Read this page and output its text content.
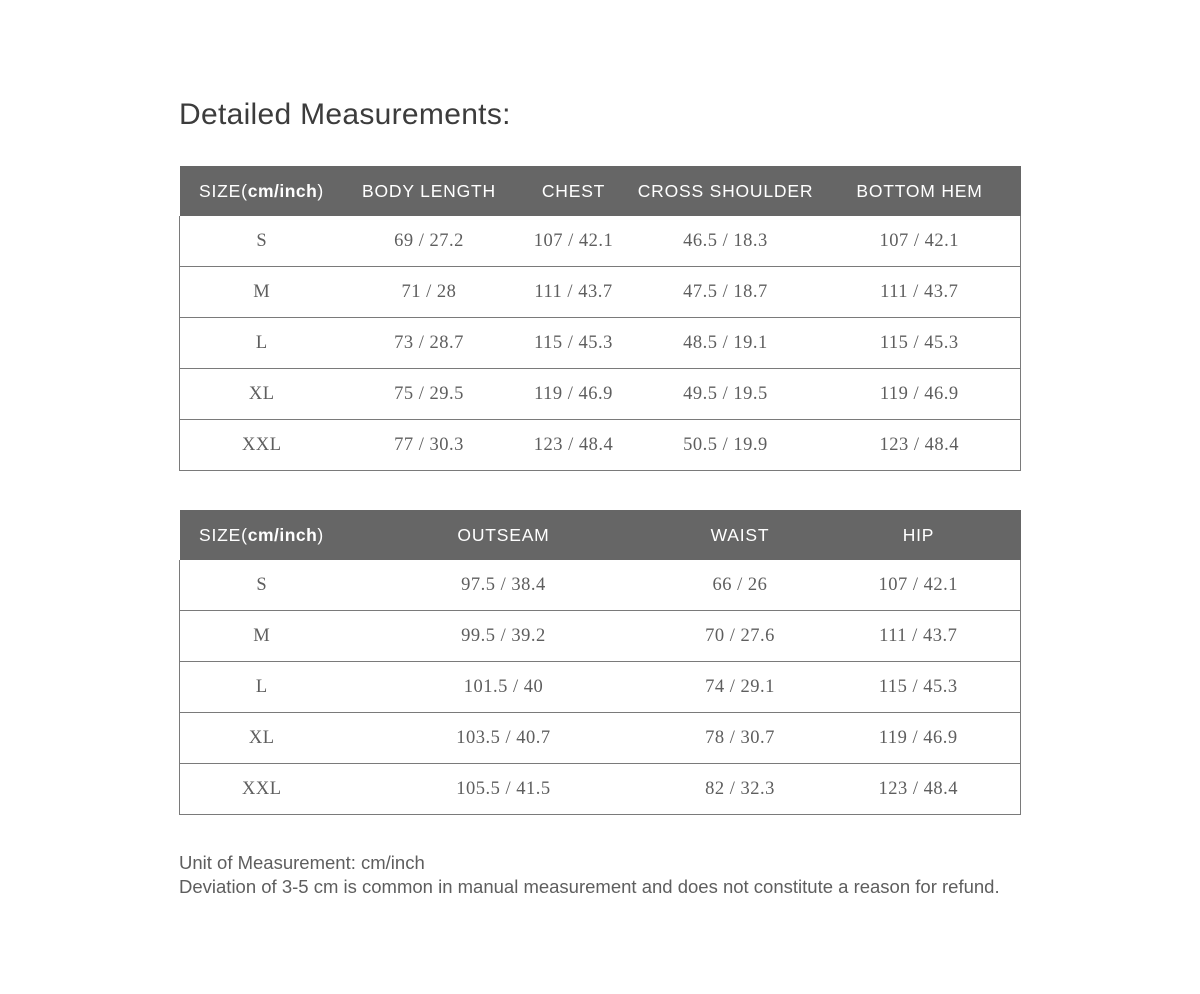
Detailed Measurements:
SIZE(cm/inch)	BODY LENGTH	CHEST	CROSS SHOULDER	BOTTOM HEM
S	69 / 27.2	107 / 42.1	46.5 / 18.3	107 / 42.1
M	71 / 28	111 / 43.7	47.5 / 18.7	111 / 43.7
L	73 / 28.7	115 / 45.3	48.5 / 19.1	115 / 45.3
XL	75 / 29.5	119 / 46.9	49.5 / 19.5	119 / 46.9
XXL	77 / 30.3	123 / 48.4	50.5 / 19.9	123 / 48.4
SIZE(cm/inch)	OUTSEAM	WAIST	HIP
S	97.5 / 38.4	66 / 26	107 / 42.1
M	99.5 / 39.2	70 / 27.6	111 / 43.7
L	101.5 / 40	74 / 29.1	115 / 45.3
XL	103.5 / 40.7	78 / 30.7	119 / 46.9
XXL	105.5 / 41.5	82 / 32.3	123 / 48.4

Unit of Measurement: cm/inch

Deviation of 3-5 cm is common in manual measurement and does not constitute a reason for refund.
